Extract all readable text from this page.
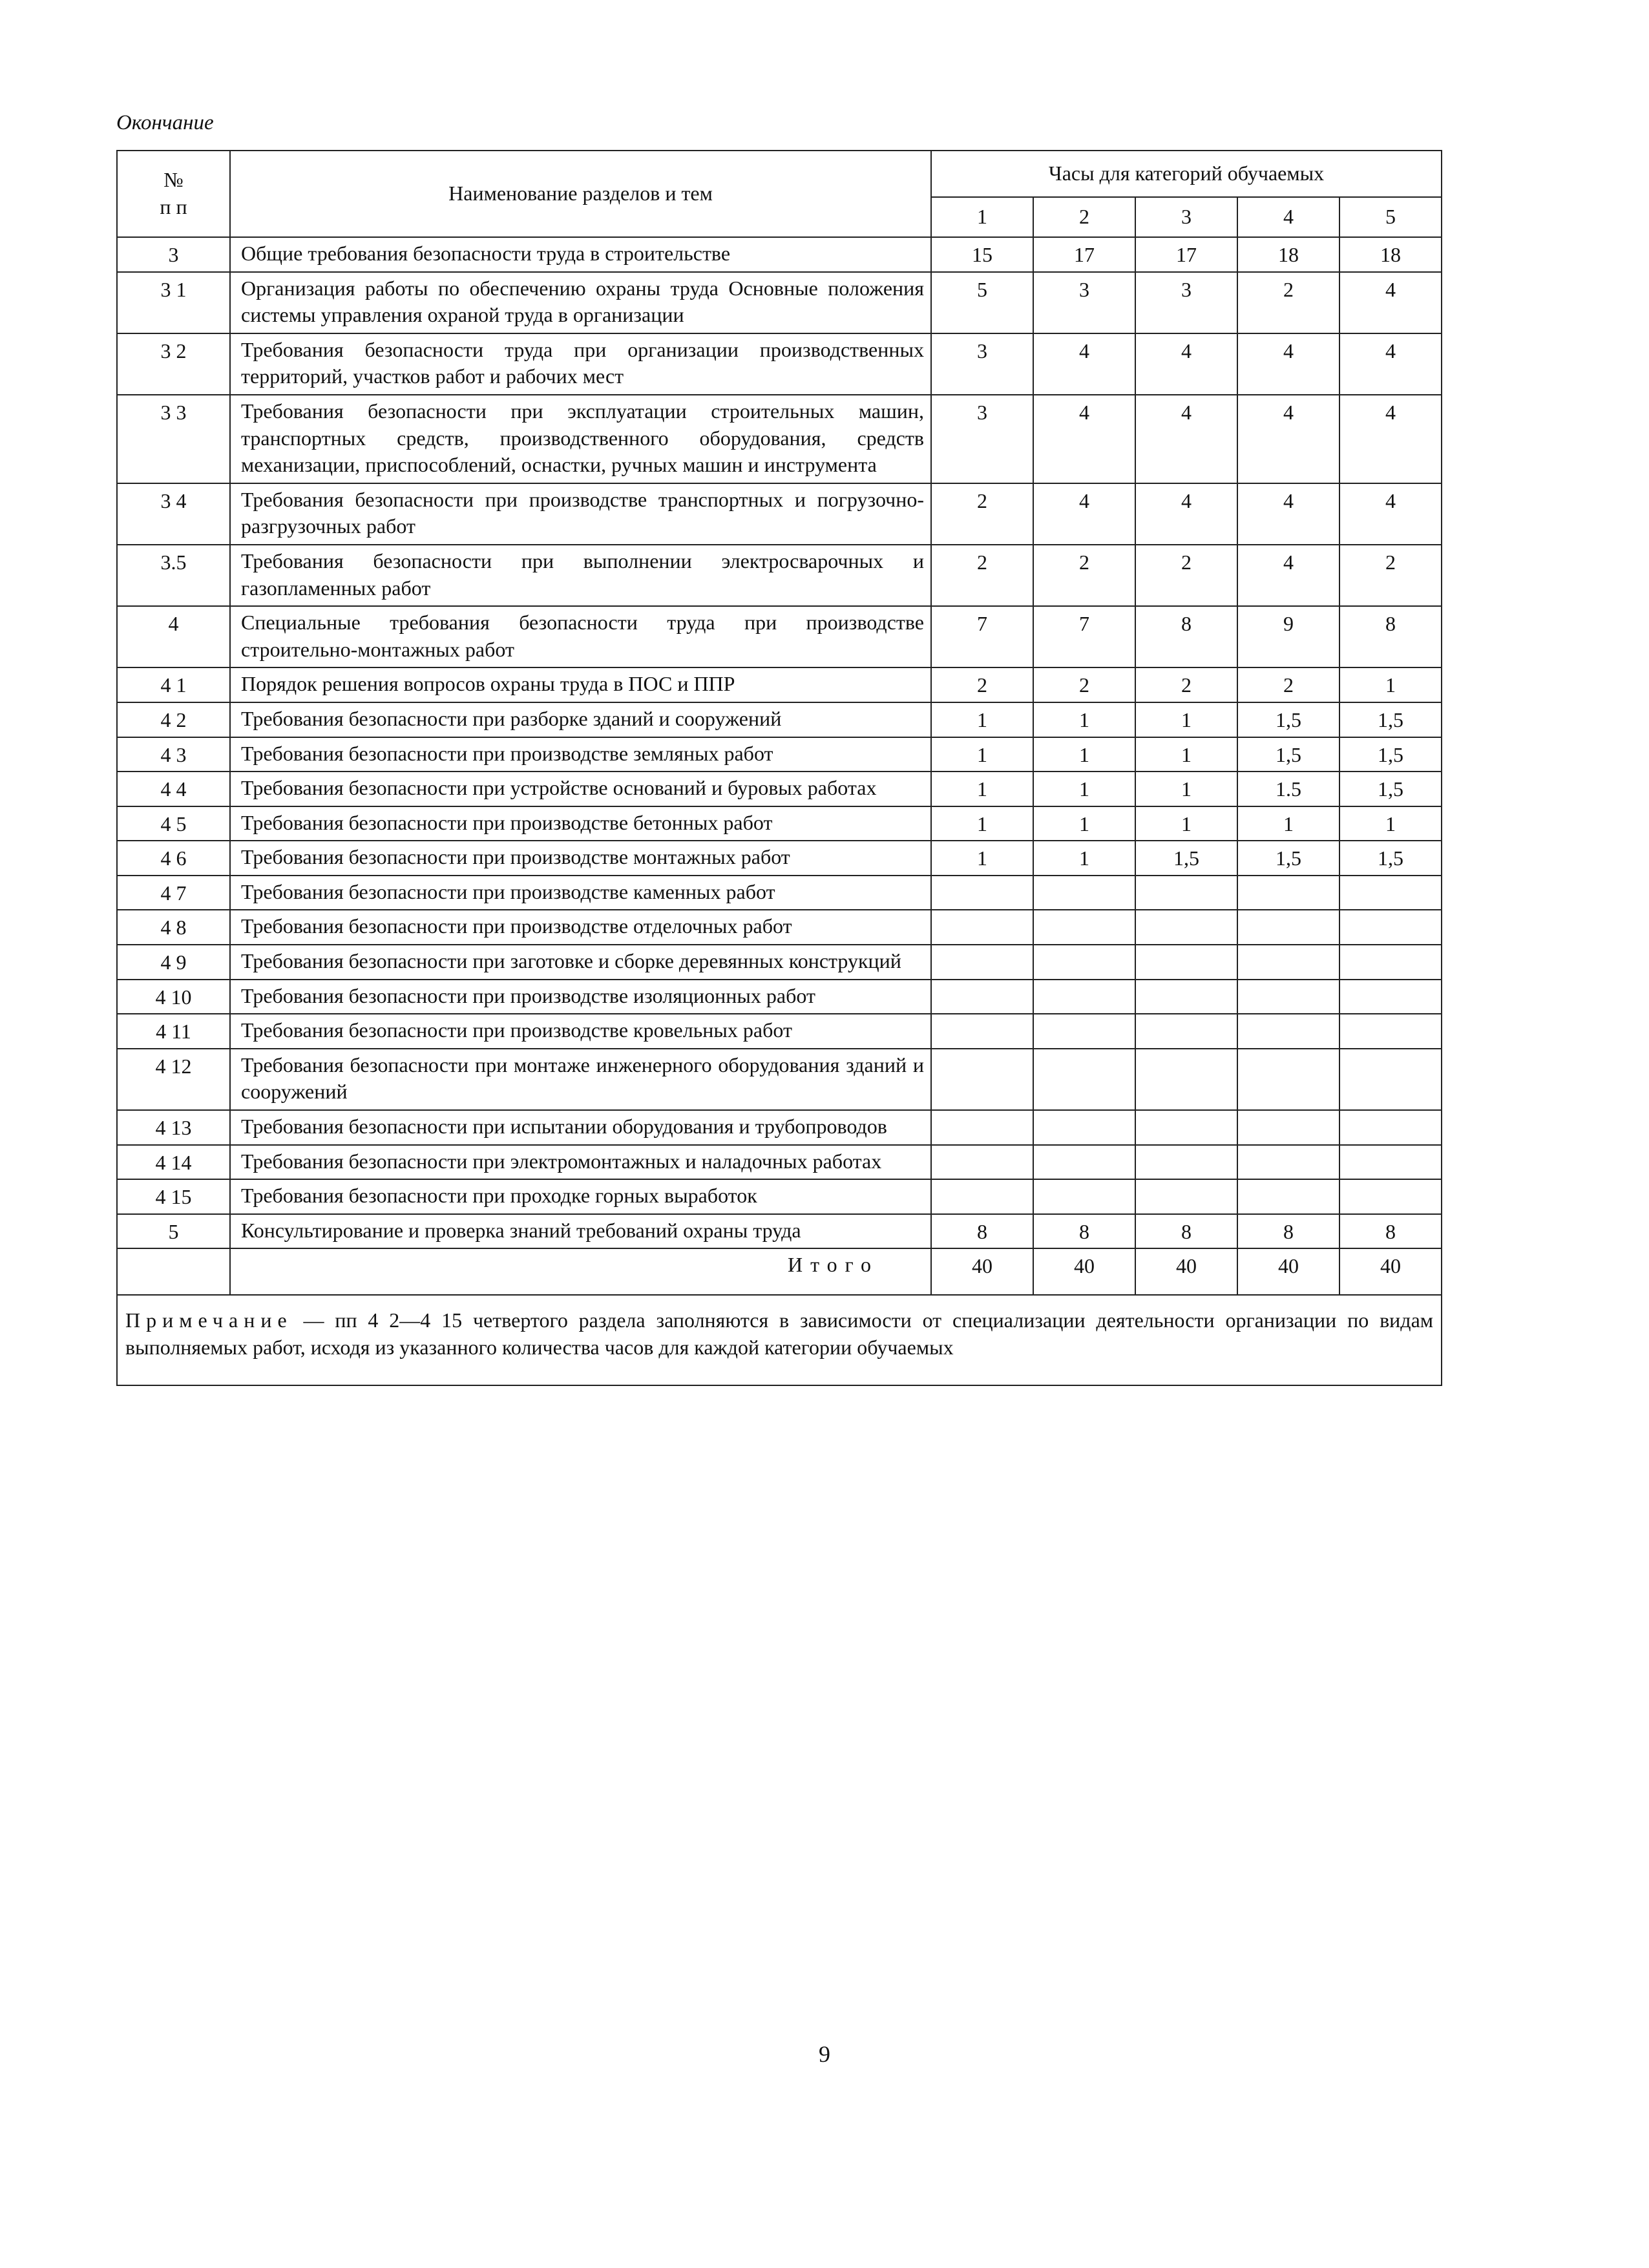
Окончание
№
п п	Наименование разделов и тем	Часы для категорий обучаемых				
		1	2	3	4	5
3	Общие требования безопасности труда в строительстве	15	17	17	18	18
3 1	Организация работы по обеспечению охраны труда Основные положения системы управления охраной труда в организации	5	3	3	2	4
3 2	Требования безопасности труда при организации производственных территорий, участков работ и рабочих мест	3	4	4	4	4
3 3	Требования безопасности при эксплуатации строительных машин, транспортных средств, производственного оборудования, средств механизации, приспособлений, оснастки, ручных машин и инструмента	3	4	4	4	4
3 4	Требования безопасности при производстве транспортных и погрузочно-разгрузочных работ	2	4	4	4	4
3.5	Требования безопасности при выполнении электросварочных и газопламенных работ	2	2	2	4	2
4	Специальные требования безопасности труда при производстве строительно-монтажных работ	7	7	8	9	8
4 1	Порядок решения вопросов охраны труда в ПОС и ППР	2	2	2	2	1
4 2	Требования безопасности при разборке зданий и сооружений	1	1	1	1,5	1,5
4 3	Требования безопасности при производстве земляных работ	1	1	1	1,5	1,5
4 4	Требования безопасности при устройстве оснований и буровых работах	1	1	1	1.5	1,5
4 5	Требования безопасности при производстве бетонных работ	1	1	1	1	1
4 6	Требования безопасности при производстве монтажных работ	1	1	1,5	1,5	1,5
4 7	Требования безопасности при производстве каменных работ					
4 8	Требования безопасности при производстве отделочных работ					
4 9	Требования безопасности при заготовке и сборке деревянных конструкций					
4 10	Требования безопасности при производстве изоляционных работ					
4 11	Требования безопасности при производстве кровельных работ					
4 12	Требования безопасности при монтаже инженерного оборудования зданий и сооружений					
4 13	Требования безопасности при испытании оборудования и трубопроводов					
4 14	Требования безопасности при электромонтажных и наладочных работах					
4 15	Требования безопасности при проходке горных выработок					
5	Консультирование и проверка знаний требований охраны труда	8	8	8	8	8
	Итого	40	40	40	40	40
Примечание — пп 4 2—4 15 четвертого раздела заполняются в зависимости от специализации деятельности организации по видам выполняемых работ, исходя из указанного количества часов для каждой категории обучаемых						
9
